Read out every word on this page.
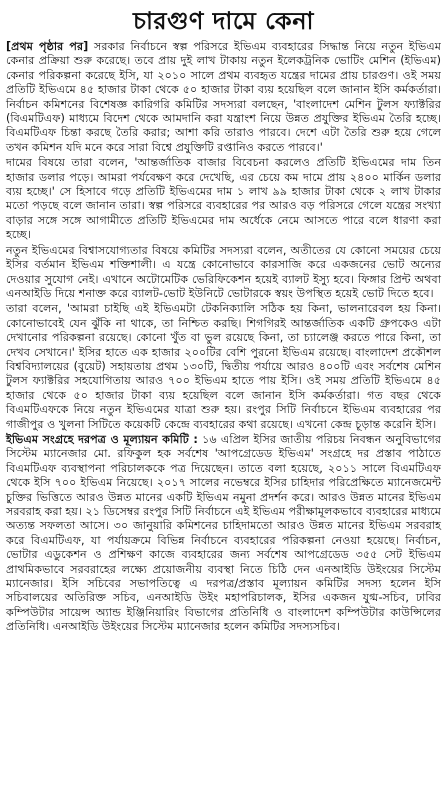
চারগুণ দামে কেনা

[প্রথম পৃষ্ঠার পর] সরকার নির্বাচনে স্বল্প পরিসরে ইভিএম ব্যবহারের সিদ্ধান্ত নিয়ে নতুন ইভিএম কেনার প্রক্রিয়া শুরু করেছে। তবে প্রায় দুই লাখ টাকায় নতুন ইলেকট্রনিক ভোটিং মেশিন (ইভিএম) কেনার পরিকল্পনা করেছে ইসি, যা ২০১০ সালে প্রথম ব্যবহৃত যন্ত্রের দামের প্রায় চারগুণ। ওই সময় প্রতিটি ইভিএমে ৪৫ হাজার টাকা থেকে ৫০ হাজার টাকা ব্যয় হয়েছিল বলে জানান ইসি কর্মকর্তারা। নির্বাচন কমিশনের বিশেষজ্ঞ কারিগরি কমিটির সদস্যরা বলছেন, 'বাংলাদেশ মেশিন টুলস ফ্যাক্টরির (বিএমটিএফ) মাধ্যমে বিদেশ থেকে আমদানি করা যন্ত্রাংশ নিয়ে উন্নত প্রযুক্তির ইভিএম তৈরি হচ্ছে। বিএমটিএফ চিন্তা করছে তৈরি করার; আশা করি তারাও পারবে। দেশে এটা তৈরি শুরু হয়ে গেলে তখন কমিশন যদি মনে করে সারা বিশ্বে প্রযুক্তিটি রপ্তানিও করতে পারবে।'

দামের বিষয়ে তারা বলেন, 'আন্তর্জাতিক বাজার বিবেচনা করলেও প্রতিটি ইভিএমের দাম তিন হাজার ডলার পড়ে। আমরা পর্যবেক্ষণ করে দেখেছি, এর চেয়ে কম দামে প্রায় ২৪০০ মার্কিন ডলার ব্যয় হচ্ছে।' সে হিসাবে গড়ে প্রতিটি ইভিএমের দাম ১ লাখ ৯৯ হাজার টাকা থেকে ২ লাখ টাকার মতো পড়ছে বলে জানান তারা। স্বল্প পরিসরে ব্যবহারের পর আরও বড় পরিসরে গেলে যন্ত্রের সংখ্যা বাড়ার সঙ্গে সঙ্গে আগামীতে প্রতিটি ইভিএমের দাম অর্ধেকে নেমে আসতে পারে বলে ধারণা করা হচ্ছে।

নতুন ইভিএমের বিশ্বাসযোগ্যতার বিষয়ে কমিটির সদস্যরা বলেন, অতীতের যে কোনো সময়ের চেয়ে ইসির বর্তমান ইভিএম শক্তিশালী। এ যন্ত্রে কোনোভাবে কারসাজি করে একজনের ভোট অন্যের দেওয়ার সুযোগ নেই। এখানে অটোমেটিক ভেরিফিকেশন হয়েই ব্যালট ইস্যু হবে। ফিঙ্গার প্রিন্ট অথবা এনআইডি দিয়ে শনাক্ত করে ব্যালট-ভোট ইউনিটে ভোটারকে স্বয়ং উপস্থিত হয়েই ভোট দিতে হবে।

তারা বলেন, 'আমরা চাইছি এই ইভিএমটা টেকনিক্যালি সঠিক হয় কিনা, ভালনারেবল হয় কিনা। কোনোভাবেই যেন ঝুঁকি না থাকে, তা নিশ্চিত করছি। শিগগিরই আন্তর্জাতিক একটি গ্রুপকেও এটা দেখানোর পরিকল্পনা রয়েছে। কোনো খুঁত বা ভুল রয়েছে কিনা, তা চ্যালেঞ্জ করতে পারে কিনা, তা দেখব সেখানে।' ইসির হাতে এক হাজার ২০০টির বেশি পুরনো ইভিএম রয়েছে। বাংলাদেশ প্রকৌশল বিশ্ববিদ্যালয়ের (বুয়েট) সহায়তায় প্রথম ১৩০টি, দ্বিতীয় পর্যায়ে আরও ৪০০টি এবং সর্বশেষ মেশিন টুলস ফ্যাক্টরির সহযোগিতায় আরও ৭০০ ইভিএম হাতে পায় ইসি। ওই সময় প্রতিটি ইভিএমে ৪৫ হাজার থেকে ৫০ হাজার টাকা ব্যয় হয়েছিল বলে জানান ইসি কর্মকর্তারা। গত বছর থেকে বিএমটিএফকে নিয়ে নতুন ইভিএমের যাত্রা শুরু হয়। রংপুর সিটি নির্বাচনে ইভিএম ব্যবহারের পর গাজীপুর ও খুলনা সিটিতে কয়েকটি কেন্দ্রে ব্যবহারের কথা রয়েছে। এখনো কেন্দ্র চূড়ান্ত করেনি ইসি।

ইভিএম সংগ্রহে দরপত্র ও মূল্যায়ন কমিটি : ১৬ এপ্রিল ইসির জাতীয় পরিচয় নিবন্ধন অনুবিভাগের সিস্টেম ম্যানেজার মো. রফিকুল হক সর্বশেষ 'আপগ্রেডেড ইভিএম' সংগ্রহে দর প্রস্তাব পাঠাতে বিএমটিএফ ব্যবস্থাপনা পরিচালককে পত্র দিয়েছেন। তাতে বলা হয়েছে, ২০১১ সালে বিএমটিএফ থেকে ইসি ৭০০ ইভিএম নিয়েছে। ২০১৭ সালের নভেম্বরে ইসির চাহিদার পরিপ্রেক্ষিতে ম্যানেজমেন্ট চুক্তির ভিত্তিতে আরও উন্নত মানের একটি ইভিএম নমুনা প্রদর্শন করে। আরও উন্নত মানের ইভিএম সরবরাহ করা হয়। ২১ ডিসেম্বর রংপুর সিটি নির্বাচনে এই ইভিএম পরীক্ষামূলকভাবে ব্যবহারের মাধ্যমে অত্যন্ত সফলতা আসে। ৩০ জানুয়ারি কমিশনের চাহিদামতো আরও উন্নত মানের ইভিএম সরবরাহ করে বিএমটিএফ, যা পর্যায়ক্রমে বিভিন্ন নির্বাচনে ব্যবহারের পরিকল্পনা নেওয়া হয়েছে। নির্বাচন, ভোটার এডুকেশন ও প্রশিক্ষণ কাজে ব্যবহারের জন্য সর্বশেষ আপগ্রেডেড ৩৫৫ সেট ইভিএম প্রাথমিকভাবে সরবরাহের লক্ষ্যে প্রয়োজনীয় ব্যবস্থা নিতে চিঠি দেন এনআইডি উইংয়ের সিস্টেম ম্যানেজার। ইসি সচিবের সভাপতিত্বে এ দরপত্র/প্রস্তাব মূল্যায়ন কমিটির সদস্য হলেন ইসি সচিবালয়ের অতিরিক্ত সচিব, এনআইডি উইং মহাপরিচালক, ইসির একজন যুগ্ম-সচিব, ঢাবির কম্পিউটার সায়েন্স অ্যান্ড ইঞ্জিনিয়ারিং বিভাগের প্রতিনিধি ও বাংলাদেশ কম্পিউটার কাউন্সিলের প্রতিনিধি। এনআইডি উইংয়ের সিস্টেম ম্যানেজার হলেন কমিটির সদস্যসচিব।
